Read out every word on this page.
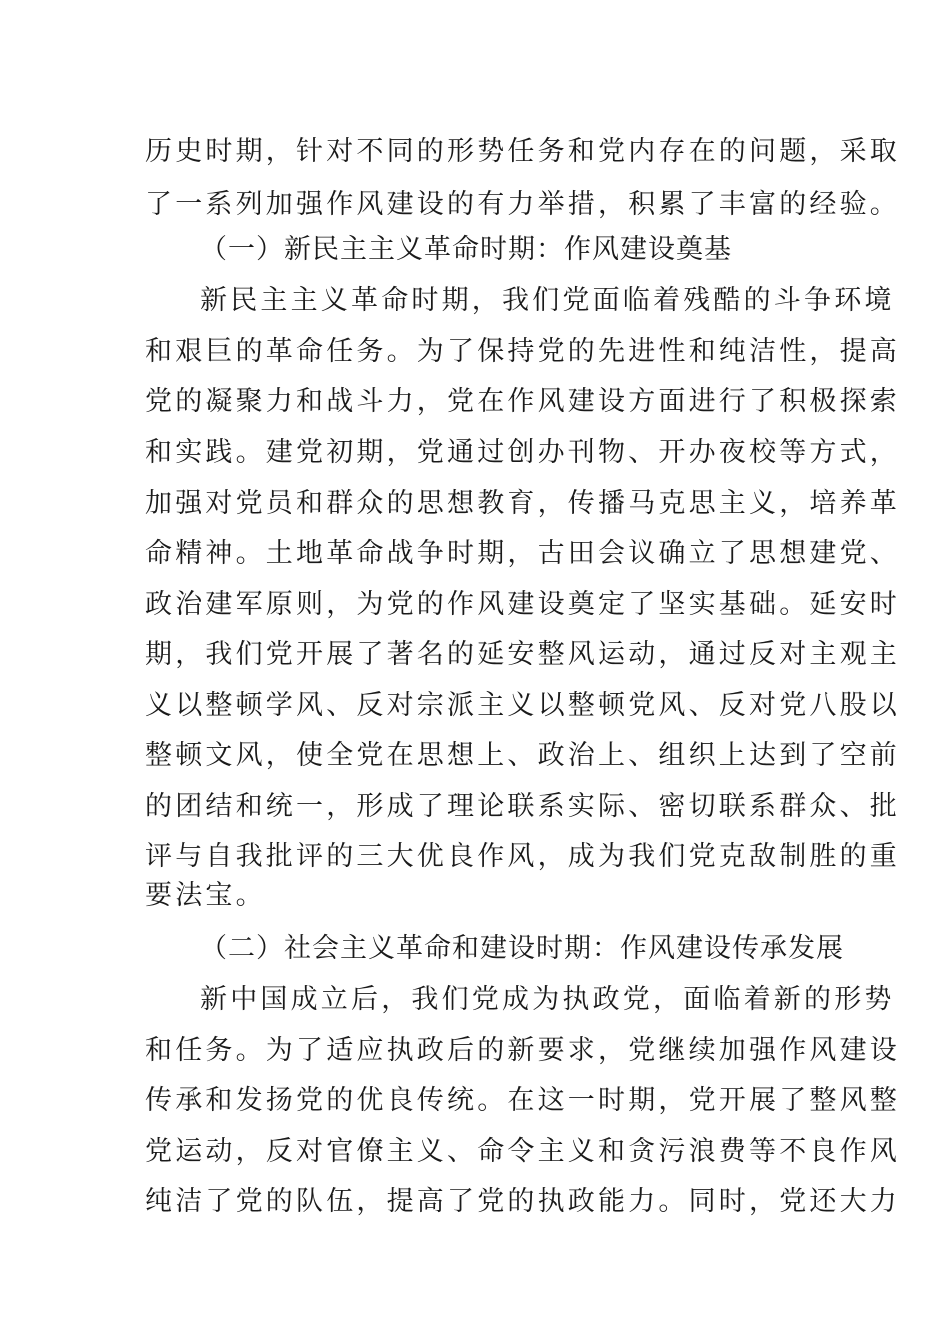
历史时期，针对不同的形势任务和党内存在的问题，采取
了一系列加强作风建设的有力举措，积累了丰富的经验。
（一）新民主主义革命时期：作风建设奠基
新民主主义革命时期，我们党面临着残酷的斗争环境
和艰巨的革命任务。为了保持党的先进性和纯洁性，提高
党的凝聚力和战斗力，党在作风建设方面进行了积极探索
和实践。建党初期，党通过创办刊物、开办夜校等方式，
加强对党员和群众的思想教育，传播马克思主义，培养革
命精神。土地革命战争时期，古田会议确立了思想建党、
政治建军原则，为党的作风建设奠定了坚实基础。延安时
期，我们党开展了著名的延安整风运动，通过反对主观主
义以整顿学风、反对宗派主义以整顿党风、反对党八股以
整顿文风，使全党在思想上、政治上、组织上达到了空前
的团结和统一，形成了理论联系实际、密切联系群众、批
评与自我批评的三大优良作风，成为我们党克敌制胜的重
要法宝。
（二）社会主义革命和建设时期：作风建设传承发展
新中国成立后，我们党成为执政党，面临着新的形势
和任务。为了适应执政后的新要求，党继续加强作风建设
传承和发扬党的优良传统。在这一时期，党开展了整风整
党运动，反对官僚主义、命令主义和贪污浪费等不良作风
纯洁了党的队伍，提高了党的执政能力。同时，党还大力
